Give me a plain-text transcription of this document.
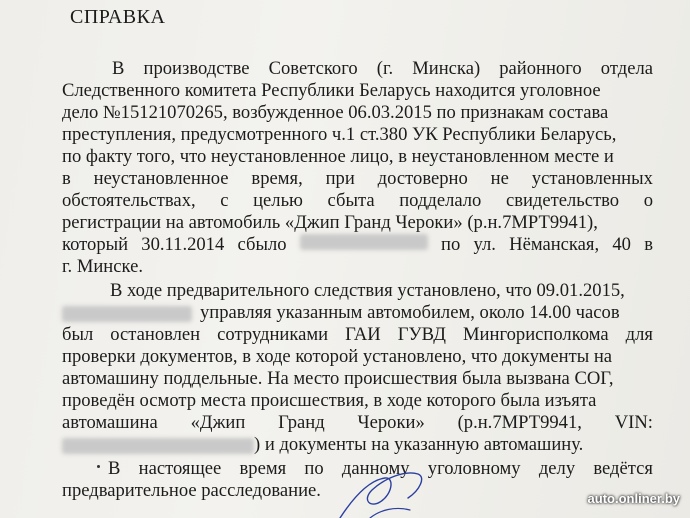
СПРАВКА
В производстве Советского (г. Минска) районного отдела
Следственного комитета Республики Беларусь находится уголовное
дело №15121070265, возбужденное 06.03.2015 по признакам состава
преступления, предусмотренного ч.1 ст.380 УК Республики Беларусь,
по факту того, что неустановленное лицо, в неустановленном месте и
в неустановленное время, при достоверно не установленных
обстоятельствах, с целью сбыта подделало свидетельство о
регистрации на автомобиль «Джип Гранд Чероки» (р.н.7МРТ9941),
который 30.11.2014 сбыло	по ул. Нёманская, 40 в
г. Минске.
В ходе предварительного следствия установлено, что 09.01.2015,
управляя указанным автомобилем, около 14.00 часов
был остановлен сотрудниками ГАИ ГУВД Мингорисполкома для
проверки документов, в ходе которой установлено, что документы на
автомашину поддельные. На место происшествия была вызвана СОГ,
проведён осмотр места происшествия, в ходе которого была изъята
автомашина «Джип Гранд Чероки» (р.н.7МРТ9941, VIN:
) и документы на указанную автомашину.
В настоящее время по данному уголовному делу ведётся
предварительное расследование.	auto.onliner.by
